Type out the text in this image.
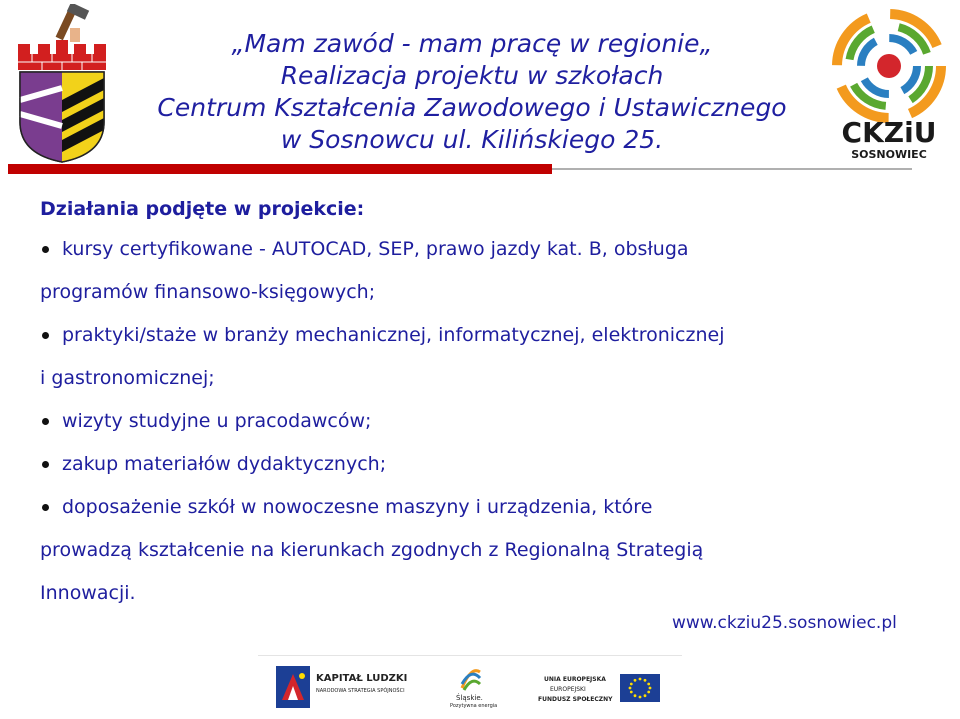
„Mam zawód - mam pracę w regionie„
Realizacja projektu w szkołach
Centrum Kształcenia Zawodowego i Ustawicznego
w Sosnowcu ul. Kilińskiego 25.	CKZiU
SOSNOWIEC
Działania podjęte w projekcie:
kursy certyfikowane - AUTOCAD, SEP, prawo jazdy kat. B, obsługa
programów finansowo-księgowych;
praktyki/staże w branży mechanicznej, informatycznej, elektronicznej
i gastronomicznej;
wizyty studyjne u pracodawców;
zakup materiałów dydaktycznych;
doposażenie szkół w nowoczesne maszyny i urządzenia, które
prowadzą kształcenie na kierunkach zgodnych z Regionalną Strategią
Innowacji.
www.ckziu25.sosnowiec.pl
KAPITAŁ LUDZKI
NARODOWA STRATEGIA SPÓJNOŚCI
Śląskie.
Pozytywna energia
UNIA EUROPEJSKA
EUROPEJSKI
FUNDUSZ SPOŁECZNY
